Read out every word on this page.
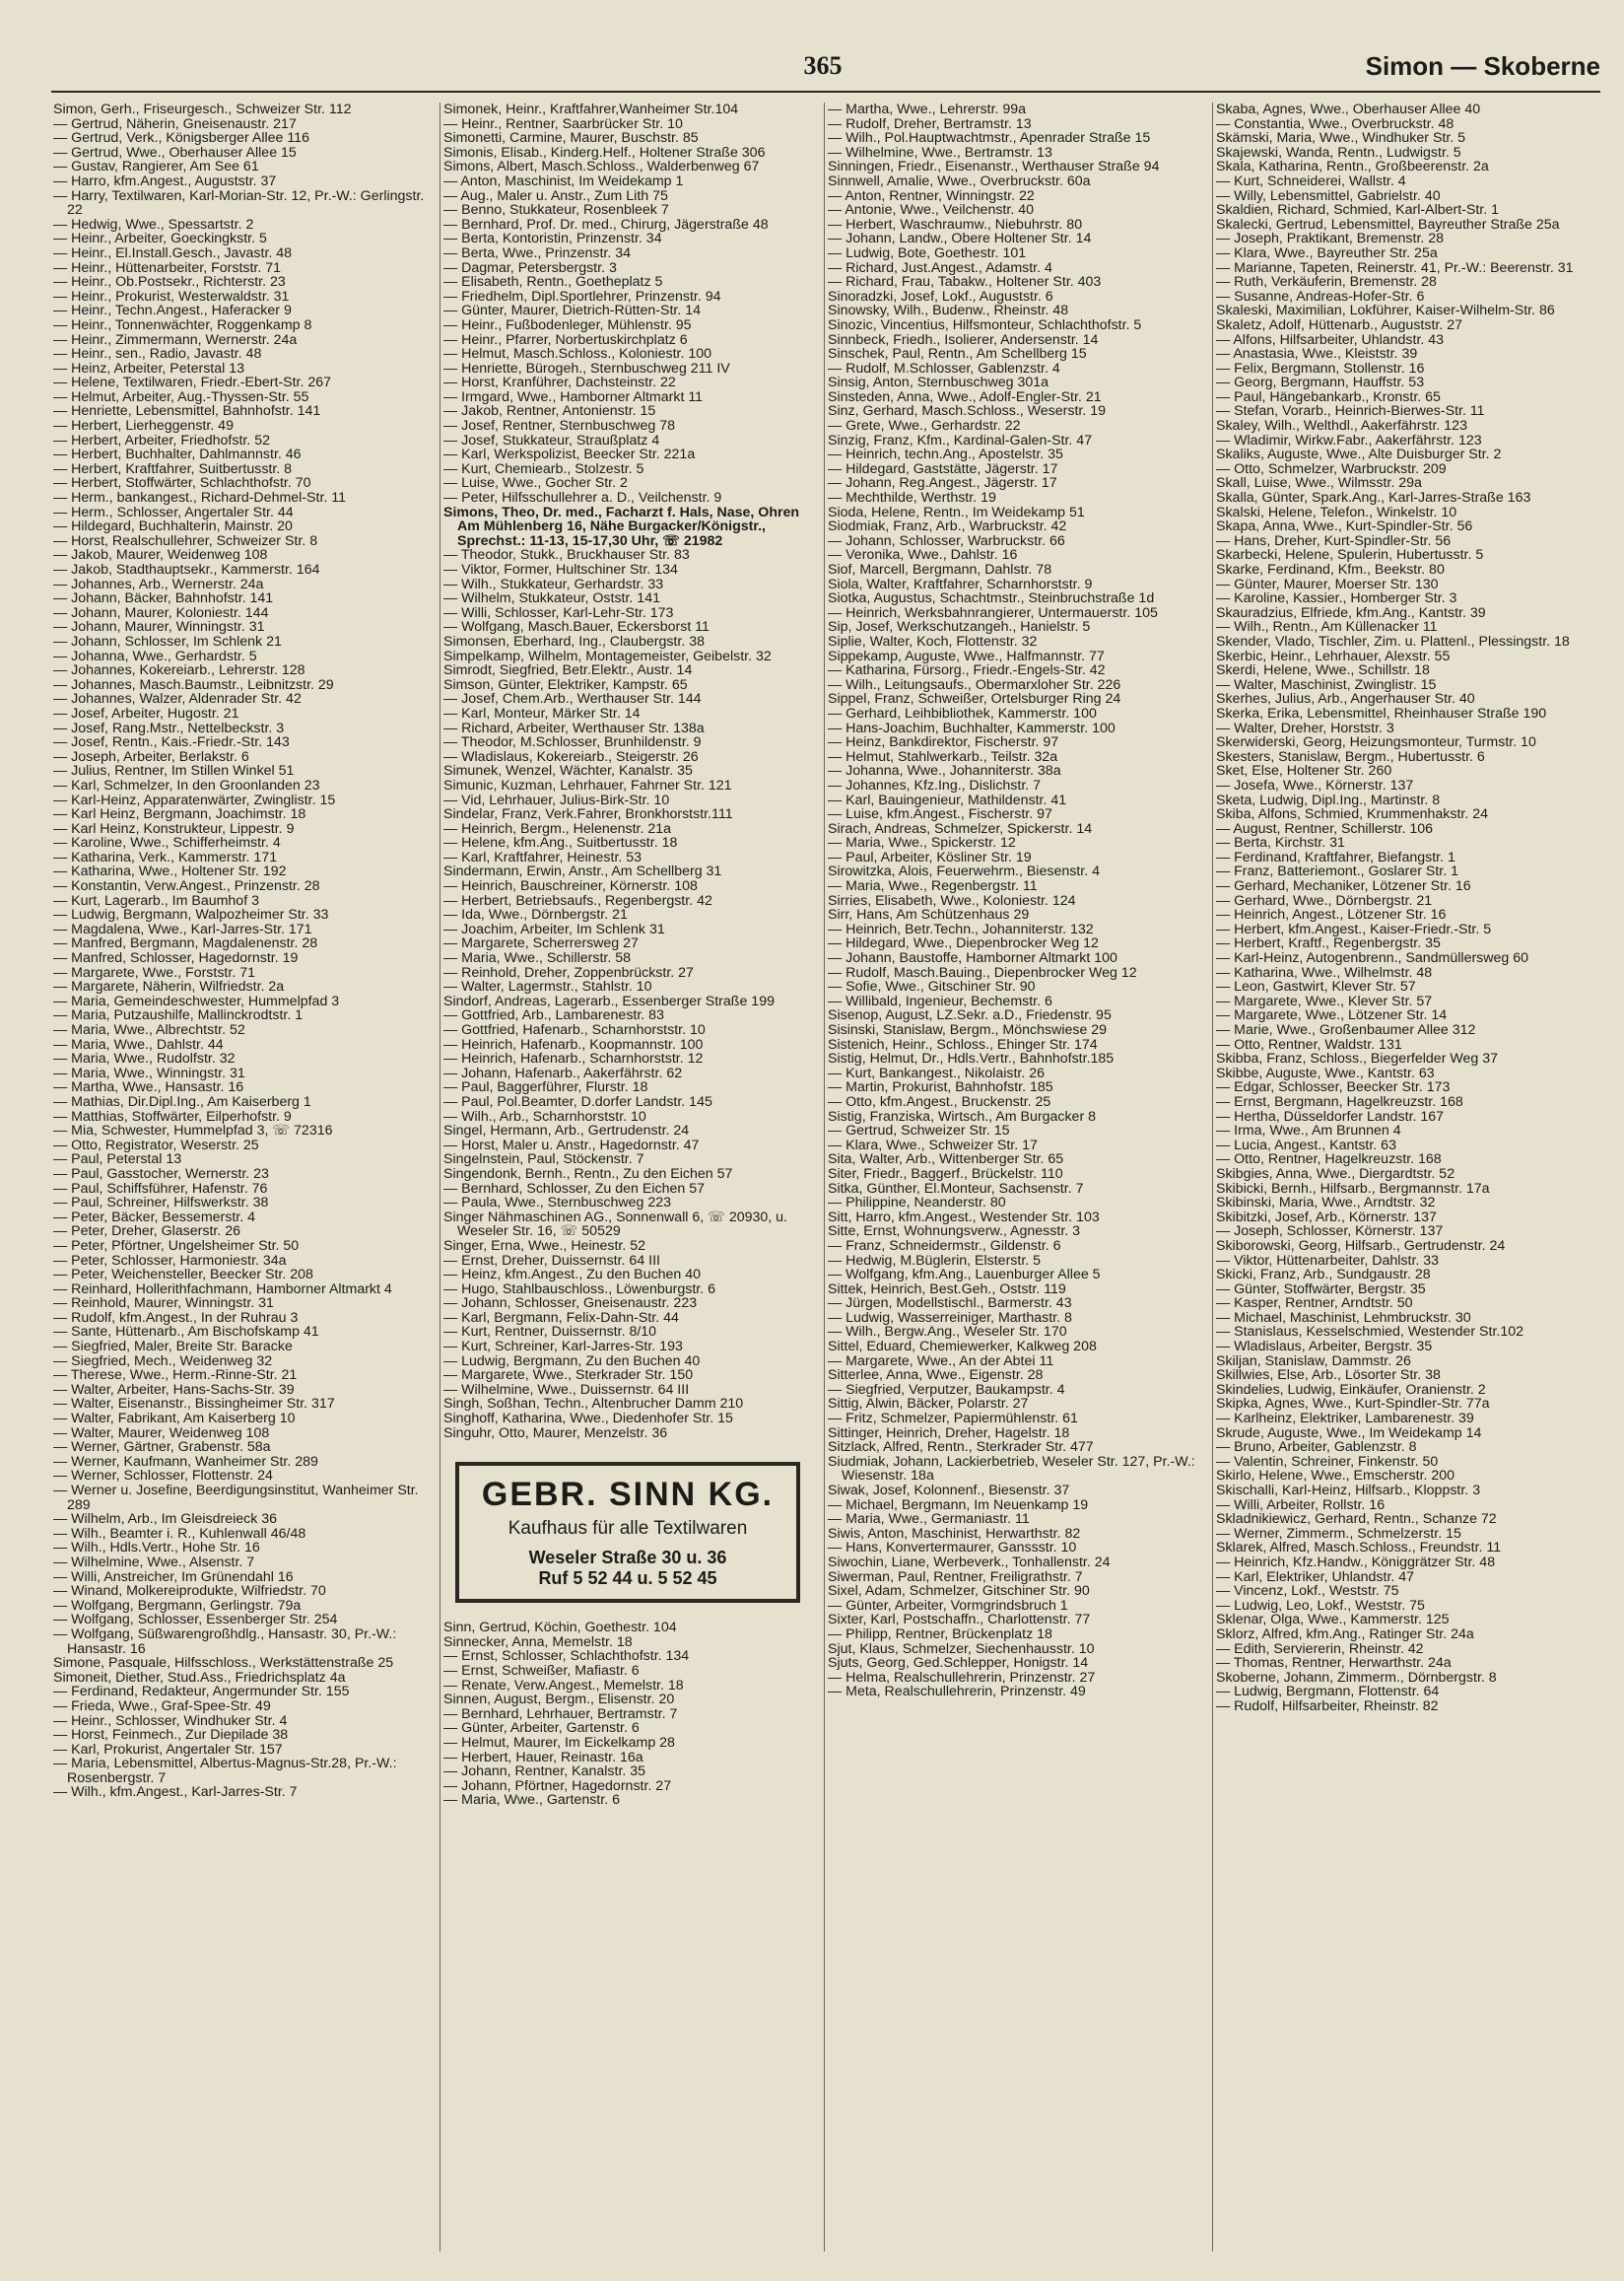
365	Simon — Skoberne
Simon, Gerh., Friseurgesch., Schweizer Str. 112
— Gertrud, Näherin, Gneisenaustr. 217
— Gertrud, Verk., Königsberger Allee 116
— Gertrud, Wwe., Oberhauser Allee 15
— Gustav, Rangierer, Am See 61
— Harro, kfm.Angest., Auguststr. 37
— Harry, Textilwaren, Karl-Morian-Str. 12, Pr.-W.: Gerlingstr. 22
— Hedwig, Wwe., Spessartstr. 2
— Heinr., Arbeiter, Goeckingkstr. 5
— Heinr., El.Install.Gesch., Javastr. 48
— Heinr., Hüttenarbeiter, Forststr. 71
— Heinr., Ob.Postsekr., Richterstr. 23
— Heinr., Prokurist, Westerwaldstr. 31
— Heinr., Techn.Angest., Haferacker 9
— Heinr., Tonnenwächter, Roggenkamp 8
— Heinr., Zimmermann, Wernerstr. 24a
— Heinr., sen., Radio, Javastr. 48
— Heinz, Arbeiter, Peterstal 13
— Helene, Textilwaren, Friedr.-Ebert-Str. 267
— Helmut, Arbeiter, Aug.-Thyssen-Str. 55
— Henriette, Lebensmittel, Bahnhofstr. 141
— Herbert, Lierheggenstr. 49
— Herbert, Arbeiter, Friedhofstr. 52
— Herbert, Buchhalter, Dahlmannstr. 46
— Herbert, Kraftfahrer, Suitbertusstr. 8
— Herbert, Stoffwärter, Schlachthofstr. 70
— Herm., bankangest., Richard-Dehmel-Str. 11
— Herm., Schlosser, Angertaler Str. 44
— Hildegard, Buchhalterin, Mainstr. 20
— Horst, Realschullehrer, Schweizer Str. 8
— Jakob, Maurer, Weidenweg 108
— Jakob, Stadthauptsekr., Kammerstr. 164
— Johannes, Arb., Wernerstr. 24a
— Johann, Bäcker, Bahnhofstr. 141
— Johann, Maurer, Koloniestr. 144
— Johann, Maurer, Winningstr. 31
— Johann, Schlosser, Im Schlenk 21
— Johanna, Wwe., Gerhardstr. 5
— Johannes, Kokereiarb., Lehrerstr. 128
— Johannes, Masch.Baumstr., Leibnitzstr. 29
— Johannes, Walzer, Aldenrader Str. 42
— Josef, Arbeiter, Hugostr. 21
— Josef, Rang.Mstr., Nettelbeckstr. 3
— Josef, Rentn., Kais.-Friedr.-Str. 143
— Joseph, Arbeiter, Berlakstr. 6
— Julius, Rentner, Im Stillen Winkel 51
— Karl, Schmelzer, In den Groonlanden 23
— Karl-Heinz, Apparatenwärter, Zwinglistr. 15
— Karl Heinz, Bergmann, Joachimstr. 18
— Karl Heinz, Konstrukteur, Lippestr. 9
— Karoline, Wwe., Schifferheimstr. 4
— Katharina, Verk., Kammerstr. 171
— Katharina, Wwe., Holtener Str. 192
— Konstantin, Verw.Angest., Prinzenstr. 28
— Kurt, Lagerarb., Im Baumhof 3
— Ludwig, Bergmann, Walpozheimer Str. 33
— Magdalena, Wwe., Karl-Jarres-Str. 171
— Manfred, Bergmann, Magdalenenstr. 28
— Manfred, Schlosser, Hagedornstr. 19
— Margarete, Wwe., Forststr. 71
— Margarete, Näherin, Wilfriedstr. 2a
— Maria, Gemeindeschwester, Hummelpfad 3
— Maria, Putzaushilfe, Mallinckrodtstr. 1
— Maria, Wwe., Albrechtstr. 52
— Maria, Wwe., Dahlstr. 44
— Maria, Wwe., Rudolfstr. 32
— Maria, Wwe., Winningstr. 31
— Martha, Wwe., Hansastr. 16
— Mathias, Dir.Dipl.Ing., Am Kaiserberg 1
— Matthias, Stoffwärter, Eilperhofstr. 9
— Mia, Schwester, Hummelpfad 3, ☏ 72316
— Otto, Registrator, Weserstr. 25
— Paul, Peterstal 13
— Paul, Gasstocher, Wernerstr. 23
— Paul, Schiffsführer, Hafenstr. 76
— Paul, Schreiner, Hilfswerkstr. 38
— Peter, Bäcker, Bessemerstr. 4
— Peter, Dreher, Glaserstr. 26
— Peter, Pförtner, Ungelsheimer Str. 50
— Peter, Schlosser, Harmoniestr. 34a
— Peter, Weichensteller, Beecker Str. 208
— Reinhard, Hollerithfachmann, Hamborner Altmarkt 4
— Reinhold, Maurer, Winningstr. 31
— Rudolf, kfm.Angest., In der Ruhrau 3
— Sante, Hüttenarb., Am Bischofskamp 41
— Siegfried, Maler, Breite Str. Baracke
— Siegfried, Mech., Weidenweg 32
— Therese, Wwe., Herm.-Rinne-Str. 21
— Walter, Arbeiter, Hans-Sachs-Str. 39
— Walter, Eisenanstr., Bissingheimer Str. 317
— Walter, Fabrikant, Am Kaiserberg 10
— Walter, Maurer, Weidenweg 108
— Werner, Gärtner, Grabenstr. 58a
— Werner, Kaufmann, Wanheimer Str. 289
— Werner, Schlosser, Flottenstr. 24
— Werner u. Josefine, Beerdigungsinstitut, Wanheimer Str. 289
— Wilhelm, Arb., Im Gleisdreieck 36
— Wilh., Beamter i. R., Kuhlenwall 46/48
— Wilh., Hdls.Vertr., Hohe Str. 16
— Wilhelmine, Wwe., Alsenstr. 7
— Willi, Anstreicher, Im Grünendahl 16
— Winand, Molkereiprodukte, Wilfriedstr. 70
— Wolfgang, Bergmann, Gerlingstr. 79a
— Wolfgang, Schlosser, Essenberger Str. 254
— Wolfgang, Süßwarengroßhdlg., Hansastr. 30, Pr.-W.: Hansastr. 16
Simone, Pasquale, Hilfsschloss., Werkstättenstraße 25
Simoneit, Diether, Stud.Ass., Friedrichsplatz 4a
— Ferdinand, Redakteur, Angermunder Str. 155
— Frieda, Wwe., Graf-Spee-Str. 49
— Heinr., Schlosser, Windhuker Str. 4
— Horst, Feinmech., Zur Diepilade 38
— Karl, Prokurist, Angertaler Str. 157
— Maria, Lebensmittel, Albertus-Magnus-Str.28, Pr.-W.: Rosenbergstr. 7
— Wilh., kfm.Angest., Karl-Jarres-Str. 7
Simonek, Heinr., Kraftfahrer,Wanheimer Str.104
— Heinr., Rentner, Saarbrücker Str. 10
Simonetti, Carmine, Maurer, Buschstr. 85
Simonis, Elisab., Kinderg.Helf., Holtener Straße 306
Simons, Albert, Masch.Schloss., Walderbenweg 67
— Anton, Maschinist, Im Weidekamp 1
— Aug., Maler u. Anstr., Zum Lith 75
— Benno, Stukkateur, Rosenbleek 7
— Bernhard, Prof. Dr. med., Chirurg, Jägerstraße 48
— Berta, Kontoristin, Prinzenstr. 34
— Berta, Wwe., Prinzenstr. 34
— Dagmar, Petersbergstr. 3
— Elisabeth, Rentn., Goetheplatz 5
— Friedhelm, Dipl.Sportlehrer, Prinzenstr. 94
— Günter, Maurer, Dietrich-Rütten-Str. 14
— Heinr., Fußbodenleger, Mühlenstr. 95
— Heinr., Pfarrer, Norbertuskirchplatz 6
— Helmut, Masch.Schloss., Koloniestr. 100
— Henriette, Bürogeh., Sternbuschweg 211 IV
— Horst, Kranführer, Dachsteinstr. 22
— Irmgard, Wwe., Hamborner Altmarkt 11
— Jakob, Rentner, Antonienstr. 15
— Josef, Rentner, Sternbuschweg 78
— Josef, Stukkateur, Straußplatz 4
— Karl, Werkspolizist, Beecker Str. 221a
— Kurt, Chemiearb., Stolzestr. 5
— Luise, Wwe., Gocher Str. 2
— Peter, Hilfsschullehrer a. D., Veilchenstr. 9
Simons, Theo, Dr. med., Facharzt f. Hals, Nase, Ohren Am Mühlenberg 16, Nähe Burgacker/Königstr., Sprechst.: 11-13, 15-17,30 Uhr, ☏ 21982
— Theodor, Stukk., Bruckhauser Str. 83
— Viktor, Former, Hultschiner Str. 134
— Wilh., Stukkateur, Gerhardstr. 33
— Wilhelm, Stukkateur, Oststr. 141
— Willi, Schlosser, Karl-Lehr-Str. 173
— Wolfgang, Masch.Bauer, Eckersborst 11
Simonsen, Eberhard, Ing., Claubergstr. 38
Simpelkamp, Wilhelm, Montagemeister, Geibelstr. 32
Simrodt, Siegfried, Betr.Elektr., Austr. 14
Simson, Günter, Elektriker, Kampstr. 65
— Josef, Chem.Arb., Werthauser Str. 144
— Karl, Monteur, Märker Str. 14
— Richard, Arbeiter, Werthauser Str. 138a
— Theodor, M.Schlosser, Brunhildenstr. 9
— Wladislaus, Kokereiarb., Steigerstr. 26
Simunek, Wenzel, Wächter, Kanalstr. 35
Simunic, Kuzman, Lehrhauer, Fahrner Str. 121
— Vid, Lehrhauer, Julius-Birk-Str. 10
Sindelar, Franz, Verk.Fahrer, Bronkhorststr.111
— Heinrich, Bergm., Helenenstr. 21a
— Helene, kfm.Ang., Suitbertusstr. 18
— Karl, Kraftfahrer, Heinestr. 53
Sindermann, Erwin, Anstr., Am Schellberg 31
— Heinrich, Bauschreiner, Körnerstr. 108
— Herbert, Betriebsaufs., Regenbergstr. 42
— Ida, Wwe., Dörnbergstr. 21
— Joachim, Arbeiter, Im Schlenk 31
— Margarete, Scherrersweg 27
— Maria, Wwe., Schillerstr. 58
— Reinhold, Dreher, Zoppenbrückstr. 27
— Walter, Lagermstr., Stahlstr. 10
Sindorf, Andreas, Lagerarb., Essenberger Straße 199
— Gottfried, Arb., Lambarenestr. 83
— Gottfried, Hafenarb., Scharnhorststr. 10
— Heinrich, Hafenarb., Koopmannstr. 100
— Heinrich, Hafenarb., Scharnhorststr. 12
— Johann, Hafenarb., Aakerfährstr. 62
— Paul, Baggerführer, Flurstr. 18
— Paul, Pol.Beamter, D.dorfer Landstr. 145
— Wilh., Arb., Scharnhorststr. 10
Singel, Hermann, Arb., Gertrudenstr. 24
— Horst, Maler u. Anstr., Hagedornstr. 47
Singelnstein, Paul, Stöckenstr. 7
Singendonk, Bernh., Rentn., Zu den Eichen 57
— Bernhard, Schlosser, Zu den Eichen 57
— Paula, Wwe., Sternbuschweg 223
Singer Nähmaschinen AG., Sonnenwall 6, ☏ 20930, u. Weseler Str. 16, ☏ 50529
Singer, Erna, Wwe., Heinestr. 52
— Ernst, Dreher, Duissernstr. 64 III
— Heinz, kfm.Angest., Zu den Buchen 40
— Hugo, Stahlbauschloss., Löwenburgstr. 6
— Johann, Schlosser, Gneisenaustr. 223
— Karl, Bergmann, Felix-Dahn-Str. 44
— Kurt, Rentner, Duissernstr. 8/10
— Kurt, Schreiner, Karl-Jarres-Str. 193
— Ludwig, Bergmann, Zu den Buchen 40
— Margarete, Wwe., Sterkrader Str. 150
— Wilhelmine, Wwe., Duissernstr. 64 III
Singh, Soßhan, Techn., Altenbrucher Damm 210
Singhoff, Katharina, Wwe., Diedenhofer Str. 15
Singuhr, Otto, Maurer, Menzelstr. 36
GEBR. SINN KG.
Kaufhaus für alle Textilwaren
Weseler Straße 30 u. 36
Ruf 5 52 44 u. 5 52 45
Sinn, Gertrud, Köchin, Goethestr. 104
Sinnecker, Anna, Memelstr. 18
— Ernst, Schlosser, Schlachthofstr. 134
— Ernst, Schweißer, Mafiastr. 6
— Renate, Verw.Angest., Memelstr. 18
Sinnen, August, Bergm., Elisenstr. 20
— Bernhard, Lehrhauer, Bertramstr. 7
— Günter, Arbeiter, Gartenstr. 6
— Helmut, Maurer, Im Eickelkamp 28
— Herbert, Hauer, Reinastr. 16a
— Johann, Rentner, Kanalstr. 35
— Johann, Pförtner, Hagedornstr. 27
— Maria, Wwe., Gartenstr. 6
— Martha, Wwe., Lehrerstr. 99a
— Rudolf, Dreher, Bertramstr. 13
— Wilh., Pol.Hauptwachtmstr., Apenrader Straße 15
— Wilhelmine, Wwe., Bertramstr. 13
Sinningen, Friedr., Eisenanstr., Werthauser Straße 94
Sinnwell, Amalie, Wwe., Overbruckstr. 60a
— Anton, Rentner, Winningstr. 22
— Antonie, Wwe., Veilchenstr. 40
— Herbert, Waschraumw., Niebuhrstr. 80
— Johann, Landw., Obere Holtener Str. 14
— Ludwig, Bote, Goethestr. 101
— Richard, Just.Angest., Adamstr. 4
— Richard, Frau, Tabakw., Holtener Str. 403
Sinoradzki, Josef, Lokf., Auguststr. 6
Sinowsky, Wilh., Budenw., Rheinstr. 48
Sinozic, Vincentius, Hilfsmonteur, Schlachthofstr. 5
Sinnbeck, Friedh., Isolierer, Andersenstr. 14
Sinschek, Paul, Rentn., Am Schellberg 15
— Rudolf, M.Schlosser, Gablenzstr. 4
Sinsig, Anton, Sternbuschweg 301a
Sinsteden, Anna, Wwe., Adolf-Engler-Str. 21
Sinz, Gerhard, Masch.Schloss., Weserstr. 19
— Grete, Wwe., Gerhardstr. 22
Sinzig, Franz, Kfm., Kardinal-Galen-Str. 47
— Heinrich, techn.Ang., Apostelstr. 35
— Hildegard, Gaststätte, Jägerstr. 17
— Johann, Reg.Angest., Jägerstr. 17
— Mechthilde, Werthstr. 19
Sioda, Helene, Rentn., Im Weidekamp 51
Siodmiak, Franz, Arb., Warbruckstr. 42
— Johann, Schlosser, Warbruckstr. 66
— Veronika, Wwe., Dahlstr. 16
Siof, Marcell, Bergmann, Dahlstr. 78
Siola, Walter, Kraftfahrer, Scharnhorststr. 9
Siotka, Augustus, Schachtmstr., Steinbruchstraße 1d
— Heinrich, Werksbahnrangierer, Untermauerstr. 105
Sip, Josef, Werkschutzangeh., Hanielstr. 5
Siplie, Walter, Koch, Flottenstr. 32
Sippekamp, Auguste, Wwe., Halfmannstr. 77
— Katharina, Fürsorg., Friedr.-Engels-Str. 42
— Wilh., Leitungsaufs., Obermarxloher Str. 226
Sippel, Franz, Schweißer, Ortelsburger Ring 24
— Gerhard, Leihbibliothek, Kammerstr. 100
— Hans-Joachim, Buchhalter, Kammerstr. 100
— Heinz, Bankdirektor, Fischerstr. 97
— Helmut, Stahlwerkarb., Teilstr. 32a
— Johanna, Wwe., Johanniterstr. 38a
— Johannes, Kfz.Ing., Dislichstr. 7
— Karl, Bauingenieur, Mathildenstr. 41
— Luise, kfm.Angest., Fischerstr. 97
Sirach, Andreas, Schmelzer, Spickerstr. 14
— Maria, Wwe., Spickerstr. 12
— Paul, Arbeiter, Kösliner Str. 19
Sirowitzka, Alois, Feuerwehrm., Biesenstr. 4
— Maria, Wwe., Regenbergstr. 11
Sirries, Elisabeth, Wwe., Koloniestr. 124
Sirr, Hans, Am Schützenhaus 29
— Heinrich, Betr.Techn., Johanniterstr. 132
— Hildegard, Wwe., Diepenbrocker Weg 12
— Johann, Baustoffe, Hamborner Altmarkt 100
— Rudolf, Masch.Bauing., Diepenbrocker Weg 12
— Sofie, Wwe., Gitschiner Str. 90
— Willibald, Ingenieur, Bechemstr. 6
Sisenop, August, LZ.Sekr. a.D., Friedenstr. 95
Sisinski, Stanislaw, Bergm., Mönchswiese 29
Sistenich, Heinr., Schloss., Ehinger Str. 174
Sistig, Helmut, Dr., Hdls.Vertr., Bahnhofstr.185
— Kurt, Bankangest., Nikolaistr. 26
— Martin, Prokurist, Bahnhofstr. 185
— Otto, kfm.Angest., Bruckenstr. 25
Sistig, Franziska, Wirtsch., Am Burgacker 8
— Gertrud, Schweizer Str. 15
— Klara, Wwe., Schweizer Str. 17
Sita, Walter, Arb., Wittenberger Str. 65
Siter, Friedr., Baggerf., Brückelstr. 110
Sitka, Günther, El.Monteur, Sachsenstr. 7
— Philippine, Neanderstr. 80
Sitt, Harro, kfm.Angest., Westender Str. 103
Sitte, Ernst, Wohnungsverw., Agnesstr. 3
— Franz, Schneidermstr., Gildenstr. 6
— Hedwig, M.Büglerin, Elsterstr. 5
— Wolfgang, kfm.Ang., Lauenburger Allee 5
Sittek, Heinrich, Best.Geh., Oststr. 119
— Jürgen, Modellstischl., Barmerstr. 43
— Ludwig, Wasserreiniger, Marthastr. 8
— Wilh., Bergw.Ang., Weseler Str. 170
Sittel, Eduard, Chemiewerker, Kalkweg 208
— Margarete, Wwe., An der Abtei 11
Sitterlee, Anna, Wwe., Eigenstr. 28
— Siegfried, Verputzer, Baukampstr. 4
Sittig, Alwin, Bäcker, Polarstr. 27
— Fritz, Schmelzer, Papiermühlenstr. 61
Sittinger, Heinrich, Dreher, Hagelstr. 18
Sitzlack, Alfred, Rentn., Sterkrader Str. 477
Siudmiak, Johann, Lackierbetrieb, Weseler Str. 127, Pr.-W.: Wiesenstr. 18a
Siwak, Josef, Kolonnenf., Biesenstr. 37
— Michael, Bergmann, Im Neuenkamp 19
— Maria, Wwe., Germaniastr. 11
Siwis, Anton, Maschinist, Herwarthstr. 82
— Hans, Konvertermaurer, Ganssstr. 10
Siwochin, Liane, Werbeverk., Tonhallenstr. 24
Siwerman, Paul, Rentner, Freiligrathstr. 7
Sixel, Adam, Schmelzer, Gitschiner Str. 90
— Günter, Arbeiter, Vormgrindsbruch 1
Sixter, Karl, Postschaffn., Charlottenstr. 77
— Philipp, Rentner, Brückenplatz 18
Sjut, Klaus, Schmelzer, Siechenhausstr. 10
Sjuts, Georg, Ged.Schlepper, Honigstr. 14
— Helma, Realschullehrerin, Prinzenstr. 27
— Meta, Realschullehrerin, Prinzenstr. 49
Skaba, Agnes, Wwe., Oberhauser Allee 40
— Constantia, Wwe., Overbruckstr. 48
Skämski, Maria, Wwe., Windhuker Str. 5
Skajewski, Wanda, Rentn., Ludwigstr. 5
Skala, Katharina, Rentn., Großbeerenstr. 2a
— Kurt, Schneiderei, Wallstr. 4
— Willy, Lebensmittel, Gabrielstr. 40
Skaldien, Richard, Schmied, Karl-Albert-Str. 1
Skalecki, Gertrud, Lebensmittel, Bayreuther Straße 25a
— Joseph, Praktikant, Bremenstr. 28
— Klara, Wwe., Bayreuther Str. 25a
— Marianne, Tapeten, Reinerstr. 41, Pr.-W.: Beerenstr. 31
— Ruth, Verkäuferin, Bremenstr. 28
— Susanne, Andreas-Hofer-Str. 6
Skaleski, Maximilian, Lokführer, Kaiser-Wilhelm-Str. 86
Skaletz, Adolf, Hüttenarb., Auguststr. 27
— Alfons, Hilfsarbeiter, Uhlandstr. 43
— Anastasia, Wwe., Kleiststr. 39
— Felix, Bergmann, Stollenstr. 16
— Georg, Bergmann, Hauffstr. 53
— Paul, Hängebankarb., Kronstr. 65
— Stefan, Vorarb., Heinrich-Bierwes-Str. 11
Skaley, Wilh., Welthdl., Aakerfährstr. 123
— Wladimir, Wirkw.Fabr., Aakerfährstr. 123
Skaliks, Auguste, Wwe., Alte Duisburger Str. 2
— Otto, Schmelzer, Warbruckstr. 209
Skall, Luise, Wwe., Wilmsstr. 29a
Skalla, Günter, Spark.Ang., Karl-Jarres-Straße 163
Skalski, Helene, Telefon., Winkelstr. 10
Skapa, Anna, Wwe., Kurt-Spindler-Str. 56
— Hans, Dreher, Kurt-Spindler-Str. 56
Skarbecki, Helene, Spulerin, Hubertusstr. 5
Skarke, Ferdinand, Kfm., Beekstr. 80
— Günter, Maurer, Moerser Str. 130
— Karoline, Kassier., Homberger Str. 3
Skauradzius, Elfriede, kfm.Ang., Kantstr. 39
— Wilh., Rentn., Am Küllenacker 11
Skender, Vlado, Tischler, Zim. u. Plattenl., Plessingstr. 18
Skerbic, Heinr., Lehrhauer, Alexstr. 55
Skerdi, Helene, Wwe., Schillstr. 18
— Walter, Maschinist, Zwinglistr. 15
Skerhes, Julius, Arb., Angerhauser Str. 40
Skerka, Erika, Lebensmittel, Rheinhauser Straße 190
— Walter, Dreher, Horststr. 3
Skerwiderski, Georg, Heizungsmonteur, Turmstr. 10
Skesters, Stanislaw, Bergm., Hubertusstr. 6
Sket, Else, Holtener Str. 260
— Josefa, Wwe., Körnerstr. 137
Sketa, Ludwig, Dipl.Ing., Martinstr. 8
Skiba, Alfons, Schmied, Krummenhakstr. 24
— August, Rentner, Schillerstr. 106
— Berta, Kirchstr. 31
— Ferdinand, Kraftfahrer, Biefangstr. 1
— Franz, Batteriemont., Goslarer Str. 1
— Gerhard, Mechaniker, Lötzener Str. 16
— Gerhard, Wwe., Dörnbergstr. 21
— Heinrich, Angest., Lötzener Str. 16
— Herbert, kfm.Angest., Kaiser-Friedr.-Str. 5
— Herbert, Kraftf., Regenbergstr. 35
— Karl-Heinz, Autogenbrenn., Sandmüllersweg 60
— Katharina, Wwe., Wilhelmstr. 48
— Leon, Gastwirt, Klever Str. 57
— Margarete, Wwe., Klever Str. 57
— Margarete, Wwe., Lötzener Str. 14
— Marie, Wwe., Großenbaumer Allee 312
— Otto, Rentner, Waldstr. 131
Skibba, Franz, Schloss., Biegerfelder Weg 37
Skibbe, Auguste, Wwe., Kantstr. 63
— Edgar, Schlosser, Beecker Str. 173
— Ernst, Bergmann, Hagelkreuzstr. 168
— Hertha, Düsseldorfer Landstr. 167
— Irma, Wwe., Am Brunnen 4
— Lucia, Angest., Kantstr. 63
— Otto, Rentner, Hagelkreuzstr. 168
Skibgies, Anna, Wwe., Diergardtstr. 52
Skibicki, Bernh., Hilfsarb., Bergmannstr. 17a
Skibinski, Maria, Wwe., Arndtstr. 32
Skibitzki, Josef, Arb., Körnerstr. 137
— Joseph, Schlosser, Körnerstr. 137
Skiborowski, Georg, Hilfsarb., Gertrudenstr. 24
— Viktor, Hüttenarbeiter, Dahlstr. 33
Skicki, Franz, Arb., Sundgaustr. 28
— Günter, Stoffwärter, Bergstr. 35
— Kasper, Rentner, Arndtstr. 50
— Michael, Maschinist, Lehmbruckstr. 30
— Stanislaus, Kesselschmied, Westender Str.102
— Wladislaus, Arbeiter, Bergstr. 35
Skiljan, Stanislaw, Dammstr. 26
Skillwies, Else, Arb., Lösorter Str. 38
Skindelies, Ludwig, Einkäufer, Oranienstr. 2
Skipka, Agnes, Wwe., Kurt-Spindler-Str. 77a
— Karlheinz, Elektriker, Lambarenestr. 39
Skrude, Auguste, Wwe., Im Weidekamp 14
— Bruno, Arbeiter, Gablenzstr. 8
— Valentin, Schreiner, Finkenstr. 50
Skirlo, Helene, Wwe., Emscherstr. 200
Skischalli, Karl-Heinz, Hilfsarb., Kloppstr. 3
— Willi, Arbeiter, Rollstr. 16
Skladnikiewicz, Gerhard, Rentn., Schanze 72
— Werner, Zimmerm., Schmelzerstr. 15
Sklarek, Alfred, Masch.Schloss., Freundstr. 11
— Heinrich, Kfz.Handw., Königgrätzer Str. 48
— Karl, Elektriker, Uhlandstr. 47
— Vincenz, Lokf., Weststr. 75
— Ludwig, Leo, Lokf., Weststr. 75
Sklenar, Olga, Wwe., Kammerstr. 125
Sklorz, Alfred, kfm.Ang., Ratinger Str. 24a
— Edith, Serviererin, Rheinstr. 42
— Thomas, Rentner, Herwarthstr. 24a
Skoberne, Johann, Zimmerm., Dörnbergstr. 8
— Ludwig, Bergmann, Flottenstr. 64
— Rudolf, Hilfsarbeiter, Rheinstr. 82
